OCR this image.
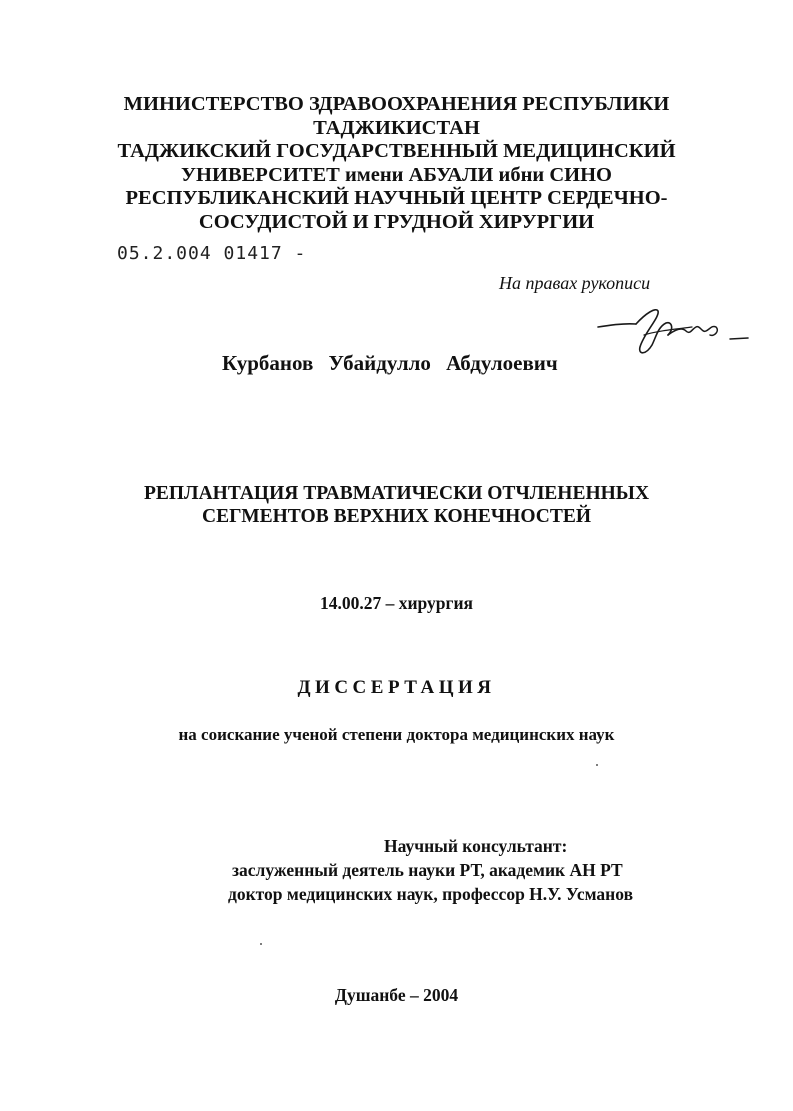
МИНИСТЕРСТВО ЗДРАВООХРАНЕНИЯ РЕСПУБЛИКИ
ТАДЖИКИСТАН
ТАДЖИКСКИЙ ГОСУДАРСТВЕННЫЙ МЕДИЦИНСКИЙ
УНИВЕРСИТЕТ имени АБУАЛИ ибни СИНО
РЕСПУБЛИКАНСКИЙ НАУЧНЫЙ ЦЕНТР СЕРДЕЧНО-
СОСУДИСТОЙ И ГРУДНОЙ ХИРУРГИИ
05.2.004 01417 -
На правах рукописи
Курбанов Убайдулло Абдулоевич
РЕПЛАНТАЦИЯ ТРАВМАТИЧЕСКИ ОТЧЛЕНЕННЫХ
СЕГМЕНТОВ ВЕРХНИХ КОНЕЧНОСТЕЙ
14.00.27 – хирургия
ДИССЕРТАЦИЯ
на соискание ученой степени доктора медицинских наук
Научный консультант:
заслуженный деятель науки РТ, академик АН РТ
доктор медицинских наук, профессор Н.У. Усманов
Душанбе – 2004
